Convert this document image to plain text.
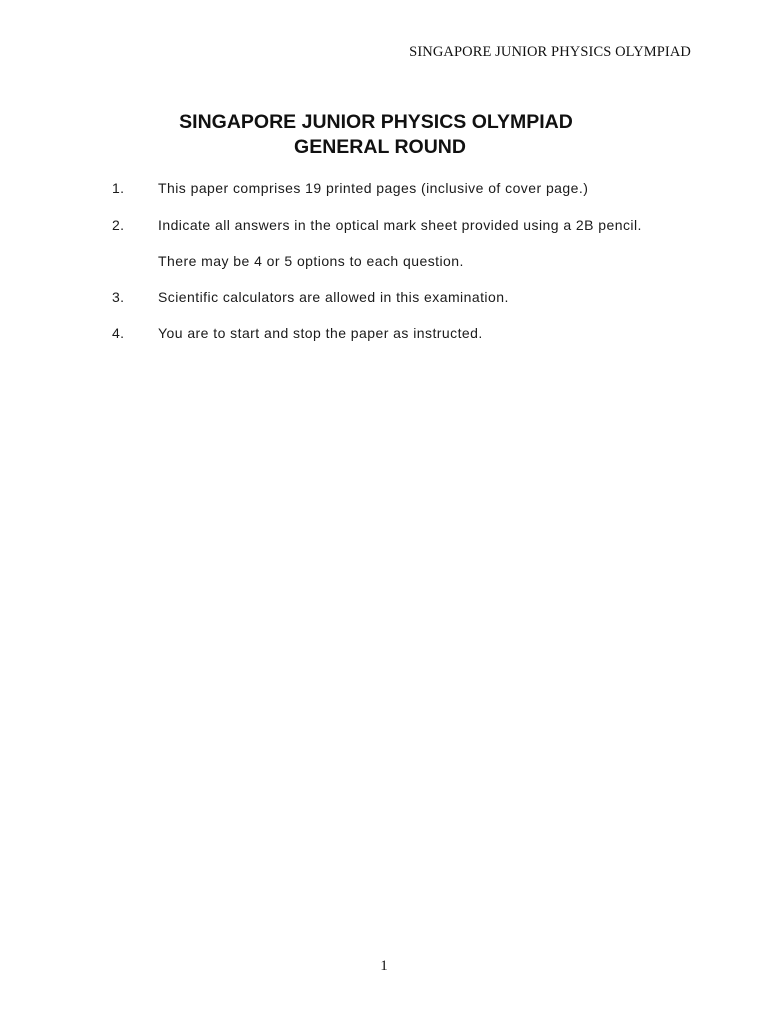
SINGAPORE JUNIOR PHYSICS OLYMPIAD
SINGAPORE JUNIOR PHYSICS OLYMPIAD
GENERAL ROUND
1. This paper comprises 19 printed pages (inclusive of cover page.)
2. Indicate all answers in the optical mark sheet provided using a 2B pencil.
There may be 4 or 5 options to each question.
3. Scientific calculators are allowed in this examination.
4. You are to start and stop the paper as instructed.
1
